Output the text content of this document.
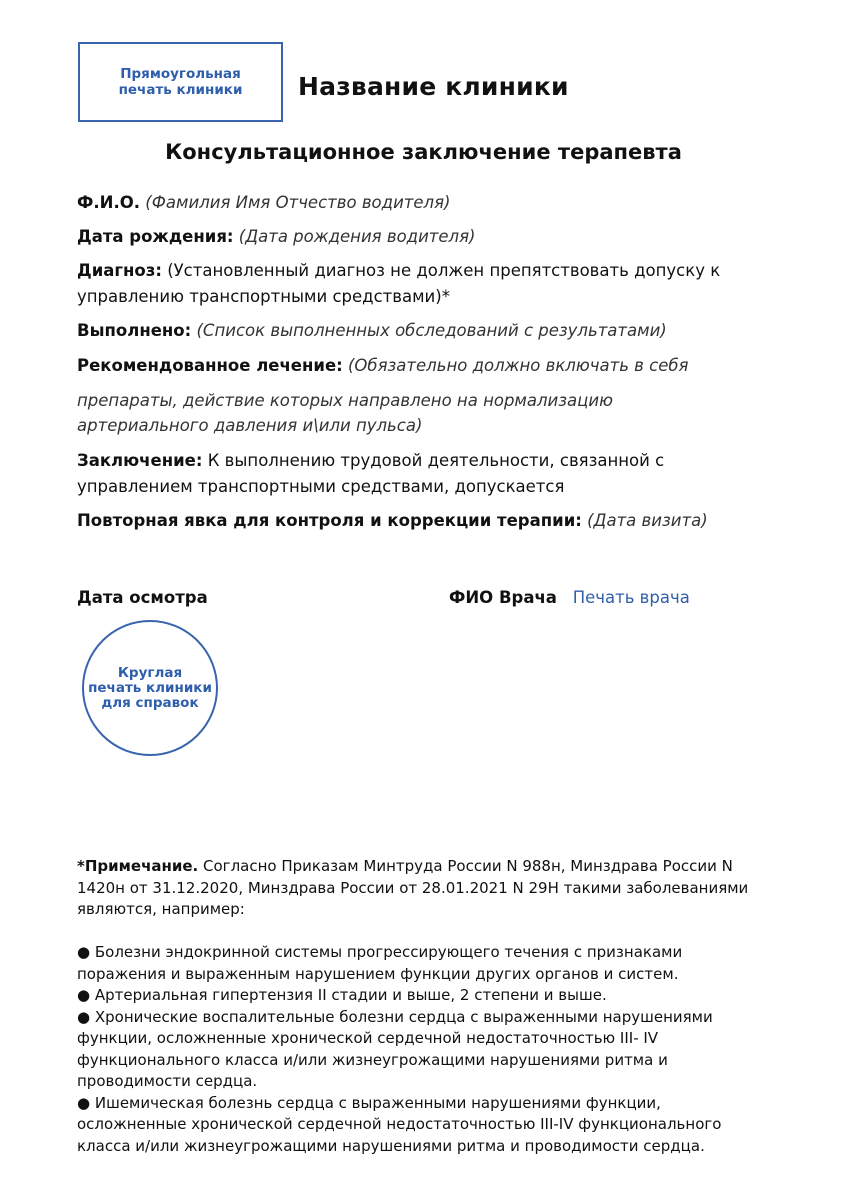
Прямоугольная
печать клиники Название клиники
Консультационное заключение терапевта
Ф.И.О. (Фамилия Имя Отчество водителя)
Дата рождения: (Дата рождения водителя)
Диагноз: (Установленный диагноз не должен препятствовать допуску к
управлению транспортными средствами)*
Выполнено: (Список выполненных обследований с результатами)
Рекомендованное лечение: (Обязательно должно включать в себя
препараты, действие которых направлено на нормализацию
артериального давления и\или пульса)
Заключение: К выполнению трудовой деятельности, связанной с
управлением транспортными средствами, допускается
Повторная явка для контроля и коррекции терапии: (Дата визита)
Дата осмотра	ФИО Врача Печать врача
Круглая
печать клиники
для справок

*Примечание. Согласно Приказам Минтруда России N 988н, Минздрава России N

1420н от 31.12.2020, Минздрава России от 28.01.2021 N 29Н такими заболеваниями

являются, например:

● Болезни эндокринной системы прогрессирующего течения с признаками

поражения и выраженным нарушением функции других органов и систем.

● Артериальная гипертензия II стадии и выше, 2 степени и выше.

● Хронические воспалительные болезни сердца с выраженными нарушениями

функции, осложненные хронической сердечной недостаточностью III- IV

функционального класса и/или жизнеугрожащими нарушениями ритма и

проводимости сердца.

● Ишемическая болезнь сердца с выраженными нарушениями функции,

осложненные хронической сердечной недостаточностью III-IV функционального

класса и/или жизнеугрожащими нарушениями ритма и проводимости сердца.
